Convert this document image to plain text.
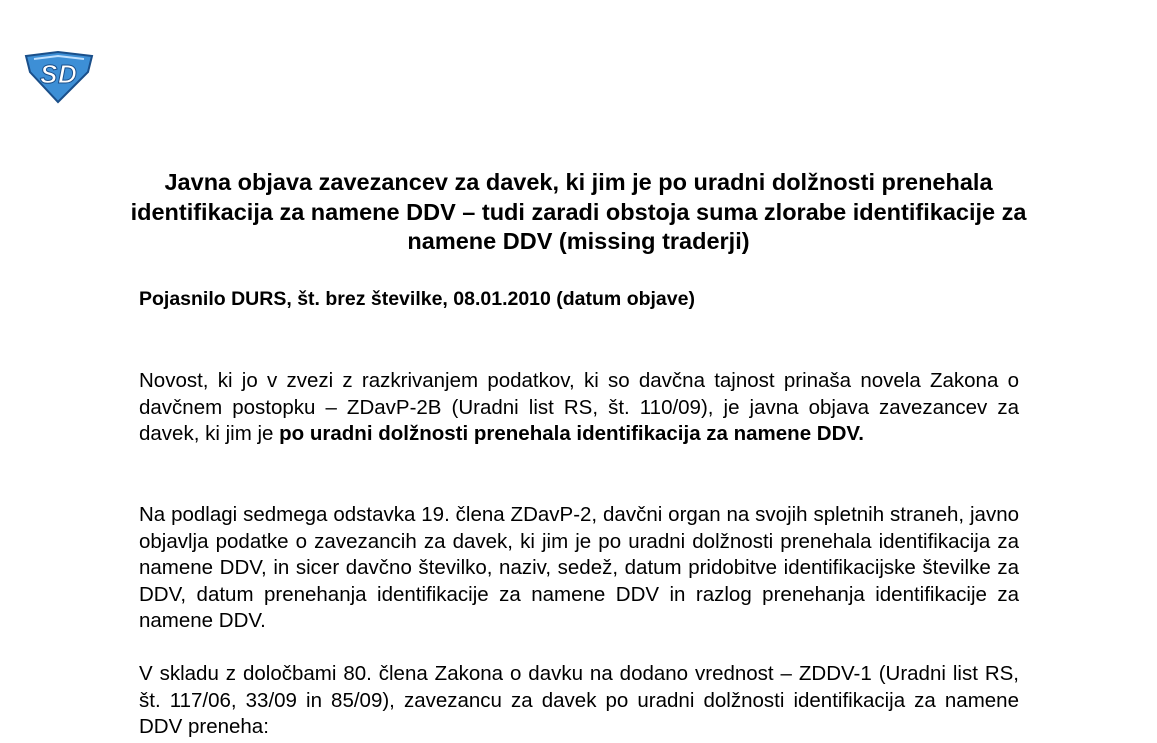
S D
Javna objava zavezancev za davek, ki jim je po uradni dolžnosti prenehala identifikacija za namene DDV – tudi zaradi obstoja suma zlorabe identifikacije za namene DDV (missing traderji)

Pojasnilo DURS, št. brez številke, 08.01.2010 (datum objave)

Novost, ki jo v zvezi z razkrivanjem podatkov, ki so davčna tajnost prinaša novela Zakona o davčnem postopku – ZDavP-2B (Uradni list RS, št. 110/09), je javna objava zavezancev za davek, ki jim je po uradni dolžnosti prenehala identifikacija za namene DDV.

Na podlagi sedmega odstavka 19. člena ZDavP-2, davčni organ na svojih spletnih straneh, javno objavlja podatke o zavezancih za davek, ki jim je po uradni dolžnosti prenehala identifikacija za namene DDV, in sicer davčno številko, naziv, sedež, datum pridobitve identifikacijske številke za DDV, datum prenehanja identifikacije za namene DDV in razlog prenehanja identifikacije za namene DDV.

V skladu z določbami 80. člena Zakona o davku na dodano vrednost – ZDDV-1 (Uradni list RS, št. 117/06, 33/09 in 85/09), zavezancu za davek po uradni dolžnosti identifikacija za namene DDV preneha:
